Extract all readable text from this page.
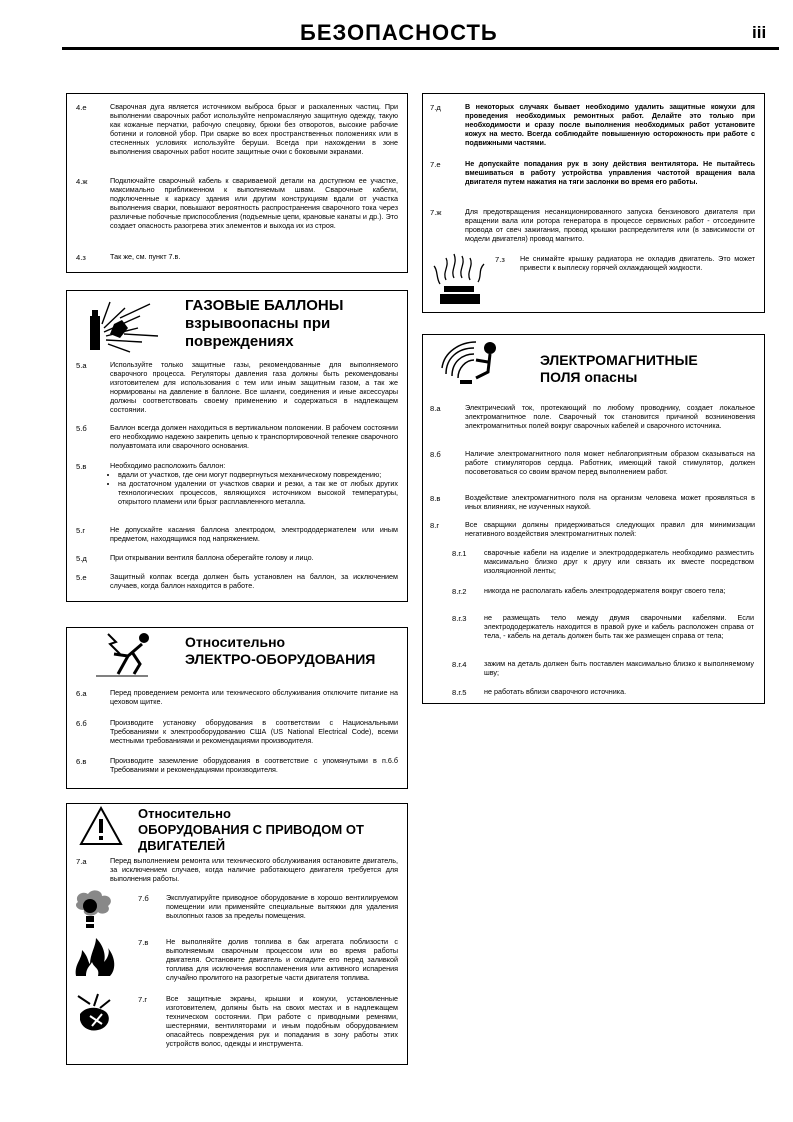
БЕЗОПАСНОСТЬ	iii
4.е	Сварочная дуга является источником выброса брызг и раскаленных частиц. При выполнении сварочных работ используйте непромасляную защитную одежду, такую как кожаные перчатки, рабочую спецовку, брюки без отворотов, высокие рабочие ботинки и головной убор. При сварке во всех пространственных положениях или в стесненных условиях используйте беруши. Всегда при нахождении в зоне выполнения сварочных работ носите защитные очки с боковыми экранами.
4.ж	Подключайте сварочный кабель к свариваемой детали на доступном ее участке, максимально приближенном к выполняемым швам. Сварочные кабели, подключенные к каркасу здания или другим конструкциям вдали от участка выполнения сварки, повышают вероятность распространения сварочного тока через различные побочные приспособления (подъемные цепи, крановые канаты и др.). Это создает опасность разогрева этих элементов и выхода их из строя.
4.з	Так же, см. пункт 7.в.
ГАЗОВЫЕ БАЛЛОНЫ
взрывоопасны при
повреждениях
5.а	Используйте только защитные газы, рекомендованные для выполняемого сварочного процесса. Регуляторы давления газа должны быть рекомендованы изготовителем для использования с тем или иным защитным газом, а так же нормированы на давление в баллоне. Все шланги, соединения и иные аксессуары должны соответствовать своему применению и содержаться в надлежащем состоянии.
5.б	Баллон всегда должен находиться в вертикальном положении. В рабочем состоянии его необходимо надежно закрепить цепью к транспортировочной тележке сварочного полуавтомата или сварочного основания.
5.в	Необходимо расположить баллон:
• вдали от участков, где они могут подвергнуться механическому повреждению;
• на достаточном удалении от участков сварки и резки, а так же от любых других технологических процессов, являющихся источником высокой температуры, открытого пламени или брызг расплавленного металла.
5.г	Не допускайте касания баллона электродом, электрододержателем или иным предметом, находящимся под напряжением.
5.д	При открывании вентиля баллона оберегайте голову и лицо.
5.е	Защитный колпак всегда должен быть установлен на баллон, за исключением случаев, когда баллон находится в работе.
Относительно
ЭЛЕКТРО-ОБОРУДОВАНИЯ
6.а	Перед проведением ремонта или технического обслуживания отключите питание на цеховом щитке.
6.б	Производите установку оборудования в соответствии с Национальными Требованиями к электрооборудованию США (US National Electrical Code), всеми местными требованиями и рекомендациями производителя.
6.в	Производите заземление оборудования в соответствие с упомянутыми в п.6.б Требованиями и рекомендациями производителя.
Относительно
ОБОРУДОВАНИЯ С ПРИВОДОМ ОТ
ДВИГАТЕЛЕЙ
7.а	Перед выполнением ремонта или технического обслуживания остановите двигатель, за исключением случаев, когда наличие работающего двигателя требуется для выполнения работы.
7.б Эксплуатируйте приводное оборудование в хорошо вентилируемом помещении или применяйте специальные вытяжки для удаления выхлопных газов за пределы помещения.
7.в Не выполняйте долив топлива в бак агрегата поблизости с выполняемым сварочным процессом или во время работы двигателя. Остановите двигатель и охладите его перед заливкой топлива для исключения воспламенения или активного испарения случайно пролитого на разогретые части двигателя топлива.
7.г	Все защитные экраны, крышки и кожухи, установленные изготовителем, должны быть на своих местах и в надлежащем техническом состоянии. При работе с приводными ремнями, шестернями, вентиляторами и иным подобным оборудованием опасайтесь повреждения рук и попадания в зону работы этих устройств волос, одежды и инструмента.
7.д	В некоторых случаях бывает необходимо удалить защитные кожухи для проведения необходимых ремонтных работ. Делайте это только при необходимости и сразу после выполнения необходимых работ установите кожух на место. Всегда соблюдайте повышенную осторожность при работе с подвижными частями.
7.е	Не допускайте попадания рук в зону действия вентилятора. Не пытайтесь вмешиваться в работу устройства управления частотой вращения вала двигателя путем нажатия на тяги заслонки во время его работы.
7.ж	Для предотвращения несанкционированного запуска бензинового двигателя при вращении вала или ротора генератора в процессе сервисных работ - отсоедините провода от свеч зажигания, провод крышки распределителя или (в зависимости от модели двигателя) провод магнито.
7.з Не снимайте крышку радиатора не охладив двигатель. Это может привести к выплеску горячей охлаждающей жидкости.
ЭЛЕКТРОМАГНИТНЫЕ
ПОЛЯ опасны
8.а	Электрический ток, протекающий по любому проводнику, создает локальное электромагнитное поле. Сварочный ток становится причиной возникновения электромагнитных полей вокруг сварочных кабелей и сварочного источника.
8.б	Наличие электромагнитного поля может неблагоприятным образом сказываться на работе стимуляторов сердца. Работник, имеющий такой стимулятор, должен посоветоваться со своим врачом перед выполнением работ.
8.в	Воздействие электромагнитного поля на организм человека может проявляться в иных влияниях, не изученных наукой.
8.г	Все сварщики должны придерживаться следующих правил для минимизации негативного воздействия электромагнитных полей:
8.г.1 сварочные кабели на изделие и электрододержатель необходимо разместить максимально близко друг к другу или связать их вместе посредством изоляционной ленты;
8.г.2 никогда не располагать кабель электрододержателя вокруг своего тела;
8.г.3 не размещать тело между двумя сварочными кабелями. Если электрододержатель находится в правой руке и кабель расположен справа от тела, - кабель на деталь должен быть так же размещен справа от тела;
8.г.4 зажим на деталь должен быть поставлен максимально близко к выполняемому шву;
8.г.5 не работать вблизи сварочного источника.
